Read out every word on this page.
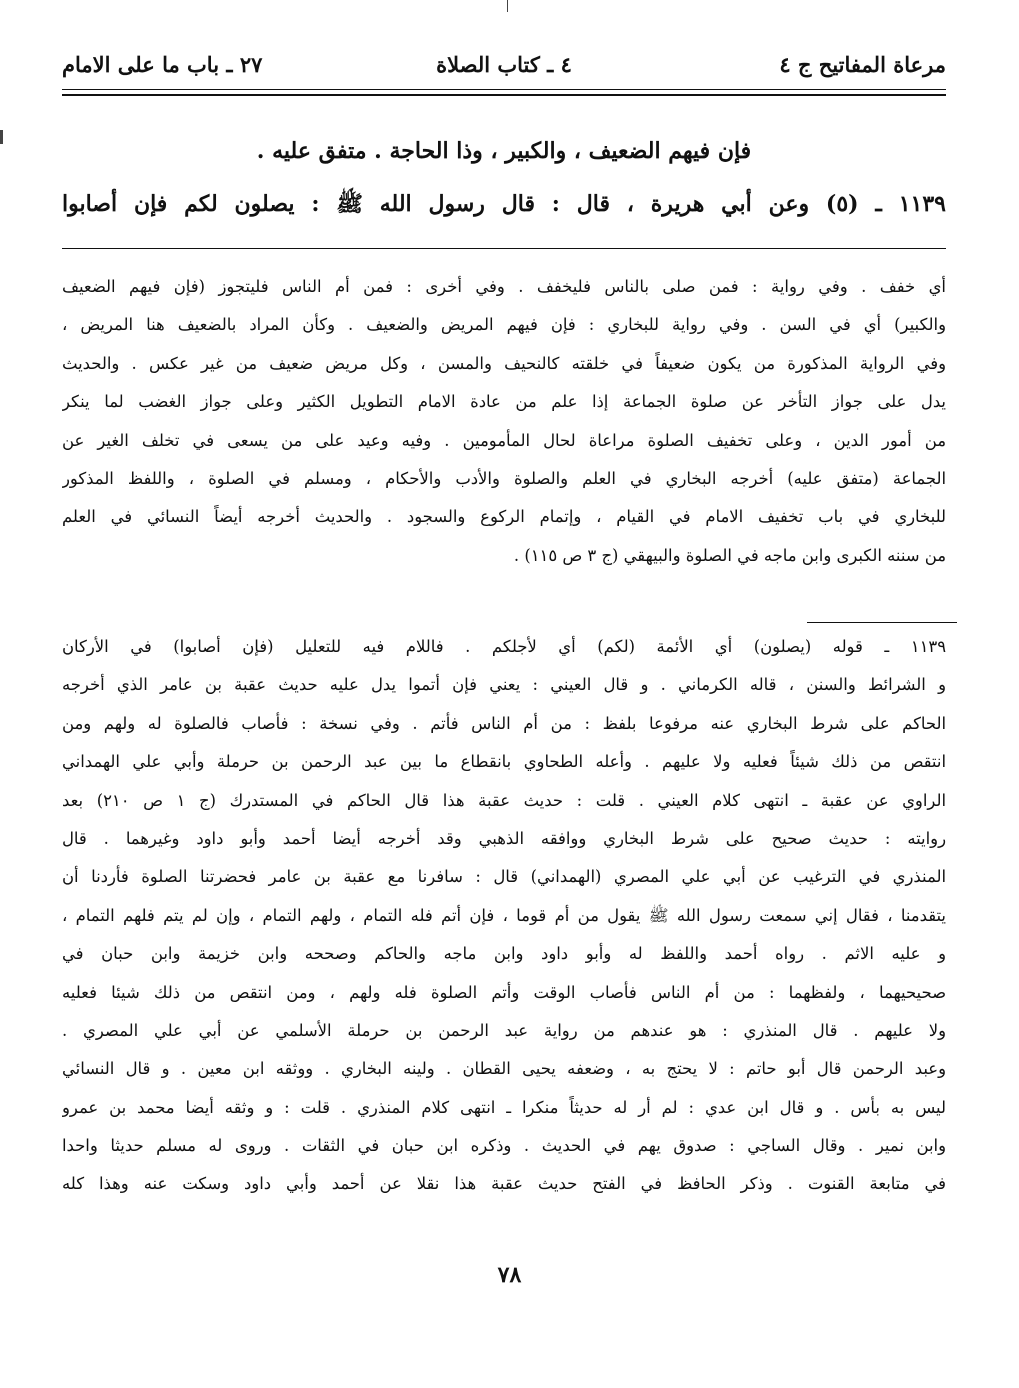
مرعاة المفاتيح ج ٤
٤ ـ كتاب الصلاة
٢٧ ـ باب ما على الامام
فإن فيهم الضعيف ، والكبير ، وذا الحاجة . متفق عليه .
١١٣٩ ـ (٥) وعن أبي هريرة ، قال : قال رسول الله ﷺ : يصلون لكم فإن أصابوا
أي خفف . وفي رواية : فمن صلى بالناس فليخفف . وفي أخرى : فمن أم الناس فليتجوز (فإن فيهم الضعيف
والكبير) أي في السن . وفي رواية للبخاري : فإن فيهم المريض والضعيف . وكأن المراد بالضعيف هنا المريض ،
وفي الرواية المذكورة من يكون ضعيفاً في خلقته كالنحيف والمسن ، وكل مريض ضعيف من غير عكس . والحديث
يدل على جواز التأخر عن صلوة الجماعة إذا علم من عادة الامام التطويل الكثير وعلى جواز الغضب لما ينكر
من أمور الدين ، وعلى تخفيف الصلوة مراعاة لحال المأمومين . وفيه وعيد على من يسعى في تخلف الغير عن
الجماعة (متفق عليه) أخرجه البخاري في العلم والصلوة والأدب والأحكام ، ومسلم في الصلوة ، واللفظ المذكور
للبخاري في باب تخفيف الامام في القيام ، وإتمام الركوع والسجود . والحديث أخرجه أيضاً النسائي في العلم
من سننه الكبرى وابن ماجه في الصلوة والبيهقي (ج ٣ ص ١١٥) .
١١٣٩ ـ قوله (يصلون) أي الأئمة (لكم) أي لأجلكم . فاللام فيه للتعليل (فإن أصابوا) في الأركان
و الشرائط والسنن ، قاله الكرماني . و قال العيني : يعني فإن أتموا يدل عليه حديث عقبة بن عامر الذي أخرجه
الحاكم على شرط البخاري عنه مرفوعا بلفظ : من أم الناس فأتم . وفي نسخة : فأصاب فالصلوة له ولهم ومن
انتقص من ذلك شيئاً فعليه ولا عليهم . وأعله الطحاوي بانقطاع ما بين عبد الرحمن بن حرملة وأبي علي الهمداني
الراوي عن عقبة ـ انتهى كلام العيني . قلت : حديث عقبة هذا قال الحاكم في المستدرك (ج ١ ص ٢١٠) بعد
روايته : حديث صحيح على شرط البخاري ووافقه الذهبي وقد أخرجه أيضا أحمد وأبو داود وغيرهما . قال
المنذري في الترغيب عن أبي علي المصري (الهمداني) قال : سافرنا مع عقبة بن عامر فحضرتنا الصلوة فأردنا أن
يتقدمنا ، فقال إني سمعت رسول الله ﷺ يقول من أم قوما ، فإن أتم فله التمام ، ولهم التمام ، وإن لم يتم فلهم التمام ،
و عليه الاثم . رواه أحمد واللفظ له وأبو داود وابن ماجه والحاكم وصححه وابن خزيمة وابن حبان في
صحيحيهما ، ولفظهما : من أم الناس فأصاب الوقت وأتم الصلوة فله ولهم ، ومن انتقص من ذلك شيئا فعليه
ولا عليهم . قال المنذري : هو عندهم من رواية عبد الرحمن بن حرملة الأسلمي عن أبي علي المصري .
وعبد الرحمن قال أبو حاتم : لا يحتج به ، وضعفه يحيى القطان . ولينه البخاري . ووثقه ابن معين . و قال النسائي
ليس به بأس . و قال ابن عدي : لم أر له حديثاً منكرا ـ انتهى كلام المنذري . قلت : و وثقه أيضا محمد بن عمرو
وابن نمير . وقال الساجي : صدوق يهم في الحديث . وذكره ابن حبان في الثقات . وروى له مسلم حديثا واحدا
في متابعة القنوت . وذكر الحافظ في الفتح حديث عقبة هذا نقلا عن أحمد وأبي داود وسكت عنه وهذا كله
٧٨
